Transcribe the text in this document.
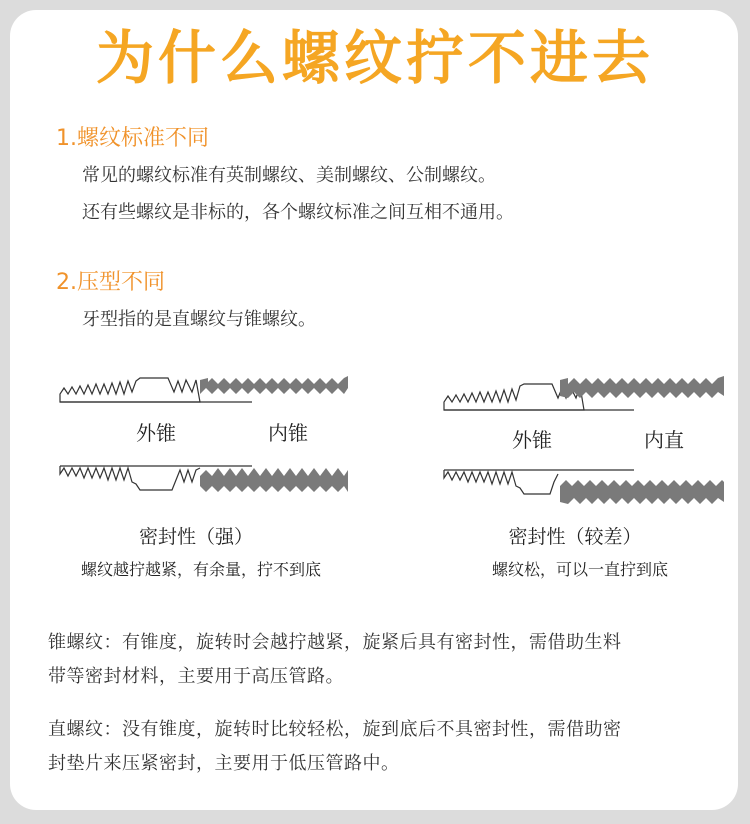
为什么螺纹拧不进去
1.螺纹标准不同
常见的螺纹标准有英制螺纹、美制螺纹、公制螺纹。
还有些螺纹是非标的，各个螺纹标准之间互相不通用。
2.压型不同
牙型指的是直螺纹与锥螺纹。
外锥	内锥
密封性（强）
螺纹越拧越紧，有余量，拧不到底
外锥	内直
密封性（较差）
螺纹松，可以一直拧到底
锥螺纹：有锥度，旋转时会越拧越紧，旋紧后具有密封性，需借助生料
带等密封材料，主要用于高压管路。
直螺纹：没有锥度，旋转时比较轻松，旋到底后不具密封性，需借助密
封垫片来压紧密封，主要用于低压管路中。
